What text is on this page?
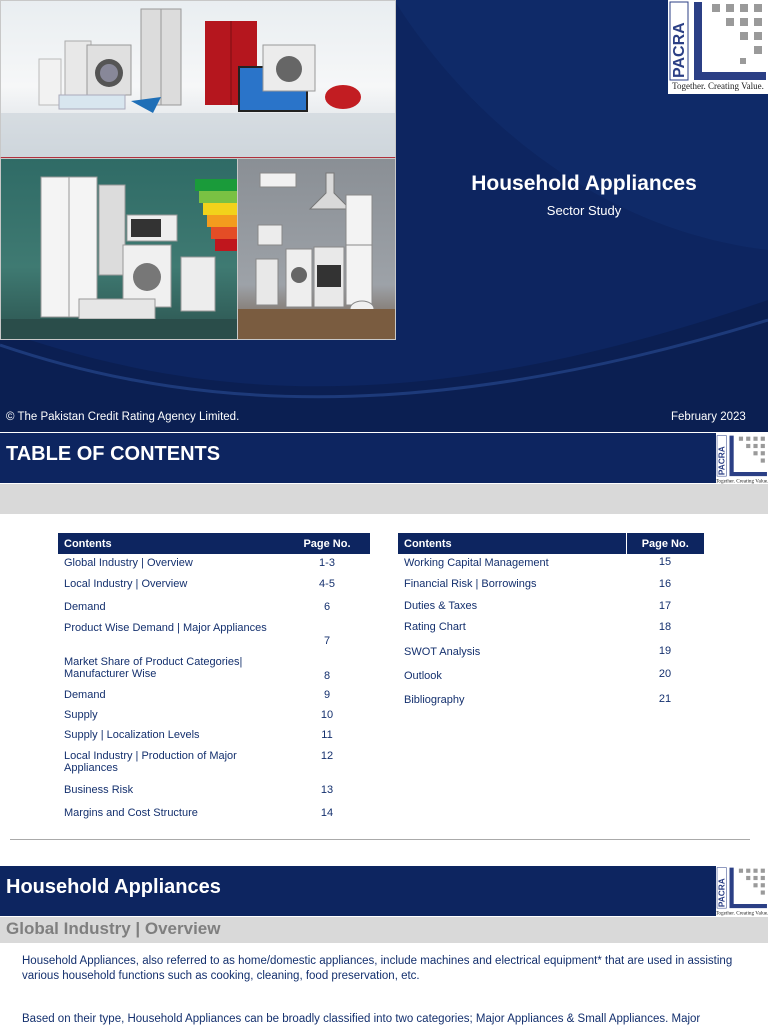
PACRA
Together. Creating Value.
Household Appliances
Sector Study
© The Pakistan Credit Rating Agency Limited.	February 2023
TABLE OF CONTENTS	PACRA
Together. Creating Value.
Contents	Page No.
Global Industry | Overview	1-3
Local Industry | Overview	4-5
Demand	6
Product Wise Demand | Major Appliances	7
Market Share of Product Categories| Manufacturer Wise	8
Demand	9
Supply	10
Supply | Localization Levels	11
Local Industry | Production of Major Appliances	12
Business Risk	13
Margins and Cost Structure	14
Contents	Page No.
Working Capital Management	15
Financial Risk | Borrowings	16
Duties & Taxes	17
Rating Chart	18
SWOT Analysis	19
Outlook	20
Bibliography	21
Household Appliances	PACRA
Together. Creating Value.
Global Industry | Overview
Household Appliances, also referred to as home/domestic appliances, include machines and electrical equipment* that are used in assisting various household functions such as cooking, cleaning, food preservation, etc.
Based on their type, Household Appliances can be broadly classified into two categories; Major Appliances & Small Appliances. Major
